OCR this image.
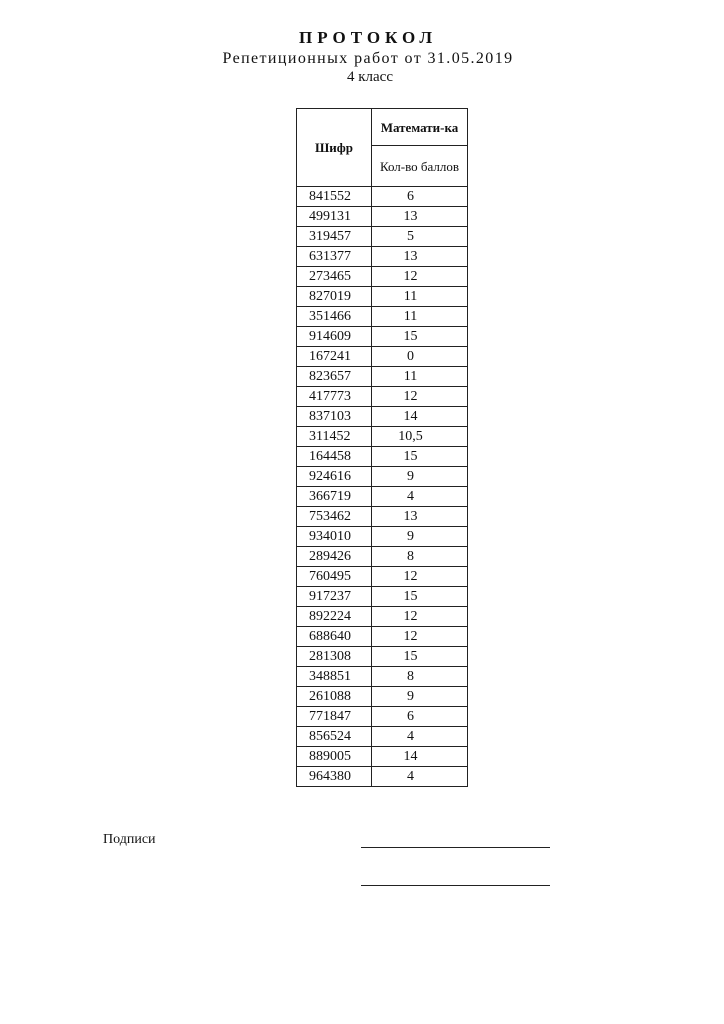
ПРОТОКОЛ
Репетиционных работ от 31.05.2019
4 класс
Шифр	Математи-ка
	Кол-во баллов
841552	6
499131	13
319457	5
631377	13
273465	12
827019	11
351466	11
914609	15
167241	0
823657	11
417773	12
837103	14
311452	10,5
164458	15
924616	9
366719	4
753462	13
934010	9
289426	8
760495	12
917237	15
892224	12
688640	12
281308	15
348851	8
261088	9
771847	6
856524	4
889005	14
964380	4
Подписи
